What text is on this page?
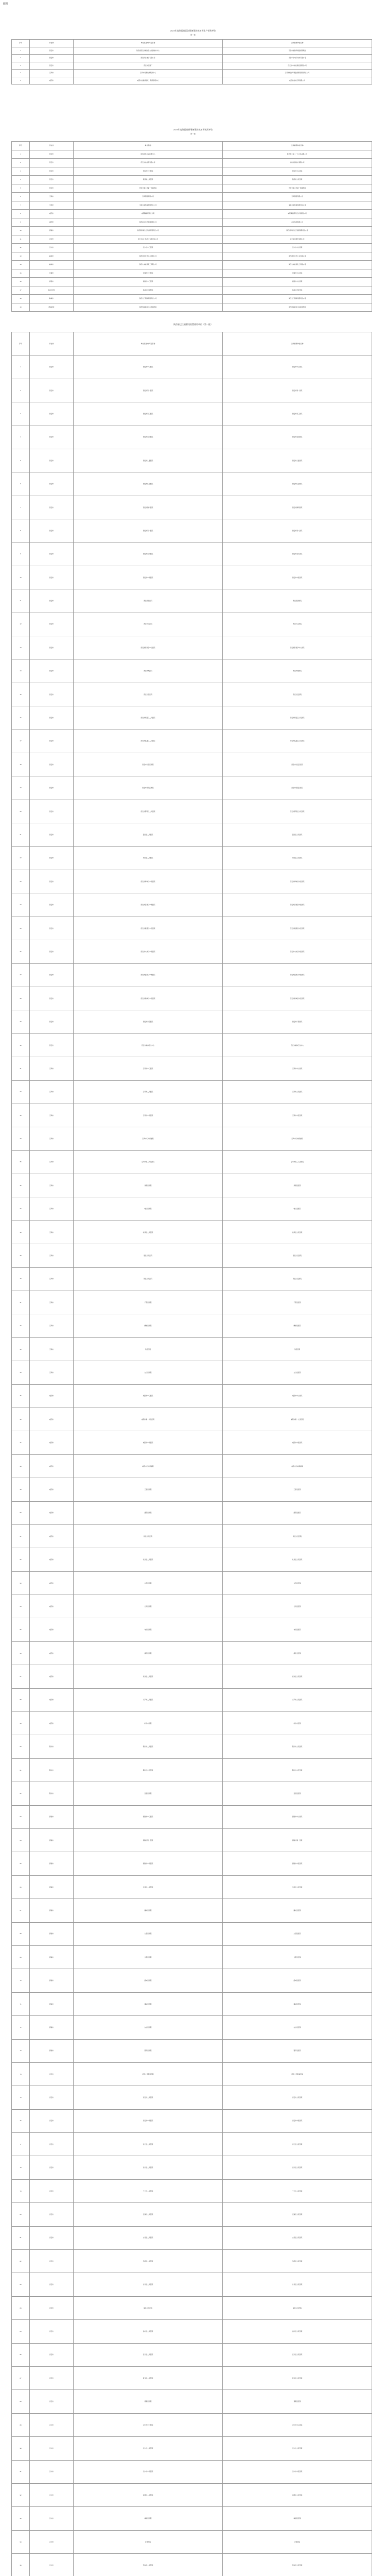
附件
2023年度陕西省已注销备案的放射源生产销售单位
（第一批）
序号	所在市	单位名称/许可证名称	注销前原单位名称
1	西安市	陕西省西安市辐射安全检测技术中心	西安市辐射环境监督管理站
2	西安市	西安华达电子有限公司	西安华达电子技术有限公司
3	西安市	西安核仪器厂	西安市中核检测仪器有限公司
4	宝鸡市	宝鸡市检测技术服务中心	宝鸡市辐射环境监督管理有限责任公司
5	咸阳市	咸阳市放射源收贮、利用管理中心	咸阳核技术应用有限公司
2023年度陕西省新增备案的放射源使用单位
（第一批）
序号	所在市	单位名称	注销前原单位名称
1	西安市	陕西省核工业检测中心	陕西核工业二一五大队有限公司
2	西安市	西安中核检测有限公司	中核检测技术有限公司
3	西安市	西安市中心医院	西安市中心医院
4	西安市	陕西省人民医院	陕西省人民医院
5	西安市	西安交通大学第一附属医院	西安交通大学第一附属医院
6	宝鸡市	宝鸡钢管有限公司	宝鸡钢管有限公司
7	宝鸡市	宝鸡石油机械有限责任公司	宝鸡石油机械有限责任公司
8	咸阳市	咸阳陶瓷研究设计院	咸阳陶瓷研究设计院有限公司
9	咸阳市	陕西彩虹电子玻璃有限公司	彩虹集团有限公司
10	渭南市	陕西渭河煤化工集团有限责任公司	陕西渭河煤化工集团有限责任公司
11	延安市	延长石油（集团）有限责任公司	延长油田股份有限公司
12	汉中市	汉中市中心医院	汉中市中心医院
13	榆林市	陕西神木化学工业有限公司	陕西神木化学工业有限公司
14	榆林市	陕西未来能源化工有限公司	陕西未来能源化工有限公司
15	安康市	安康市中心医院	安康市中心医院
16	商洛市	商洛市中心医院	商洛市中心医院
17	杨凌示范区	杨凌示范区医院	杨凌示范区医院
18	韩城市	陕西龙门钢铁有限责任公司	陕西龙门钢铁有限责任公司
19	西咸新区	陕西西咸新区沣东新城医院	陕西西咸新区沣东新城医院
陕西省已注销射线装置使用单位（第一批）
序号	所在市	单位名称/许可证名称	注销前原单位名称
1	西安市	西安市中心医院	西安市中心医院
2	西安市	西安市第一医院	西安市第一医院
3	西安市	西安市第三医院	西安市第三医院
4	西安市	西安市第四医院	西安市第四医院
5	西安市	西安市儿童医院	西安市儿童医院
6	西安市	西安市红会医院	西安市红会医院
7	西安市	西安市胸科医院	西安市胸科医院
8	西安市	西安市第八医院	西安市第八医院
9	西安市	西安市第九医院	西安市第九医院
10	西安市	西安市中医医院	西安市中医医院
11	西安市	西安高新医院	西安高新医院
12	西安市	西安大兴医院	西安大兴医院
13	西安市	西安国际医学中心医院	西安国际医学中心医院
14	西安市	西安凤城医院	西安凤城医院
15	西安市	西安长安医院	西安长安医院
16	西安市	西安市阎良区人民医院	西安市阎良区人民医院
17	西安市	西安市临潼区人民医院	西安市临潼区人民医院
18	西安市	西安市长安区医院	西安市长安区医院
19	西安市	西安市高陵区医院	西安市高陵区医院
20	西安市	西安市鄠邑区人民医院	西安市鄠邑区人民医院
21	西安市	蓝田县人民医院	蓝田县人民医院
22	西安市	周至县人民医院	周至县人民医院
23	西安市	西安市碑林区中医医院	西安市碑林区中医医院
24	西安市	西安市莲湖区中医医院	西安市莲湖区中医医院
25	西安市	西安市雁塔区中医医院	西安市雁塔区中医医院
26	西安市	西安市未央区中医医院	西安市未央区中医医院
27	西安市	西安市灞桥区中医医院	西安市灞桥区中医医院
28	西安市	西安市新城区中医医院	西安市新城区中医医院
29	西安市	西安市口腔医院	西安市口腔医院
30	西安市	西安市精神卫生中心	西安市精神卫生中心
31	宝鸡市	宝鸡市中心医院	宝鸡市中心医院
32	宝鸡市	宝鸡市人民医院	宝鸡市人民医院
33	宝鸡市	宝鸡市中医医院	宝鸡市中医医院
34	宝鸡市	宝鸡市妇幼保健院	宝鸡市妇幼保健院
35	宝鸡市	宝鸡市第三人民医院	宝鸡市第三人民医院
36	宝鸡市	凤翔县医院	凤翔县医院
37	宝鸡市	岐山县医院	岐山县医院
38	宝鸡市	扶风县人民医院	扶风县人民医院
39	宝鸡市	眉县人民医院	眉县人民医院
40	宝鸡市	陇县人民医院	陇县人民医院
41	宝鸡市	千阳县医院	千阳县医院
42	宝鸡市	麟游县医院	麟游县医院
43	宝鸡市	凤县医院	凤县医院
44	宝鸡市	太白县医院	太白县医院
45	咸阳市	咸阳市中心医院	咸阳市中心医院
46	咸阳市	咸阳市第一人民医院	咸阳市第一人民医院
47	咸阳市	咸阳市中医医院	咸阳市中医医院
48	咸阳市	咸阳市妇幼保健院	咸阳市妇幼保健院
49	咸阳市	三原县医院	三原县医院
50	咸阳市	泾阳县医院	泾阳县医院
51	咸阳市	乾县人民医院	乾县人民医院
52	咸阳市	礼泉县人民医院	礼泉县人民医院
53	咸阳市	永寿县医院	永寿县医院
54	咸阳市	长武县医院	长武县医院
55	咸阳市	旬邑县医院	旬邑县医院
56	咸阳市	淳化县医院	淳化县医院
57	咸阳市	武功县人民医院	武功县人民医院
58	咸阳市	兴平市人民医院	兴平市人民医院
59	咸阳市	彬州市医院	彬州市医院
60	铜川市	铜川市人民医院	铜川市人民医院
61	铜川市	铜川市中医医院	铜川市中医医院
62	铜川市	宜君县医院	宜君县医院
63	渭南市	渭南市中心医院	渭南市中心医院
64	渭南市	渭南市第一医院	渭南市第一医院
65	渭南市	渭南市中医医院	渭南市中医医院
66	渭南市	华州区人民医院	华州区人民医院
67	渭南市	潼关县医院	潼关县医院
68	渭南市	大荔县医院	大荔县医院
69	渭南市	合阳县医院	合阳县医院
70	渭南市	澄城县医院	澄城县医院
71	渭南市	蒲城县医院	蒲城县医院
72	渭南市	白水县医院	白水县医院
73	渭南市	富平县医院	富平县医院
74	延安市	延安大学附属医院	延安大学附属医院
75	延安市	延安市人民医院	延安市人民医院
76	延安市	延安市中医医院	延安市中医医院
77	延安市	延长县人民医院	延长县人民医院
78	延安市	延川县人民医院	延川县人民医院
79	延安市	子长市人民医院	子长市人民医院
80	延安市	安塞区人民医院	安塞区人民医院
81	延安市	志丹县人民医院	志丹县人民医院
82	延安市	吴起县人民医院	吴起县人民医院
83	延安市	甘泉县人民医院	甘泉县人民医院
84	延安市	富县人民医院	富县人民医院
85	延安市	洛川县人民医院	洛川县人民医院
86	延安市	宜川县人民医院	宜川县人民医院
87	延安市	黄龙县人民医院	黄龙县人民医院
88	延安市	黄陵县医院	黄陵县医院
89	汉中市	汉中市中心医院	汉中市中心医院
90	汉中市	汉中市人民医院	汉中市人民医院
91	汉中市	汉中市中医医院	汉中市中医医院
92	汉中市	南郑区人民医院	南郑区人民医院
93	汉中市	城固县医院	城固县医院
94	汉中市	洋县医院	洋县医院
95	汉中市	西乡县人民医院	西乡县人民医院
